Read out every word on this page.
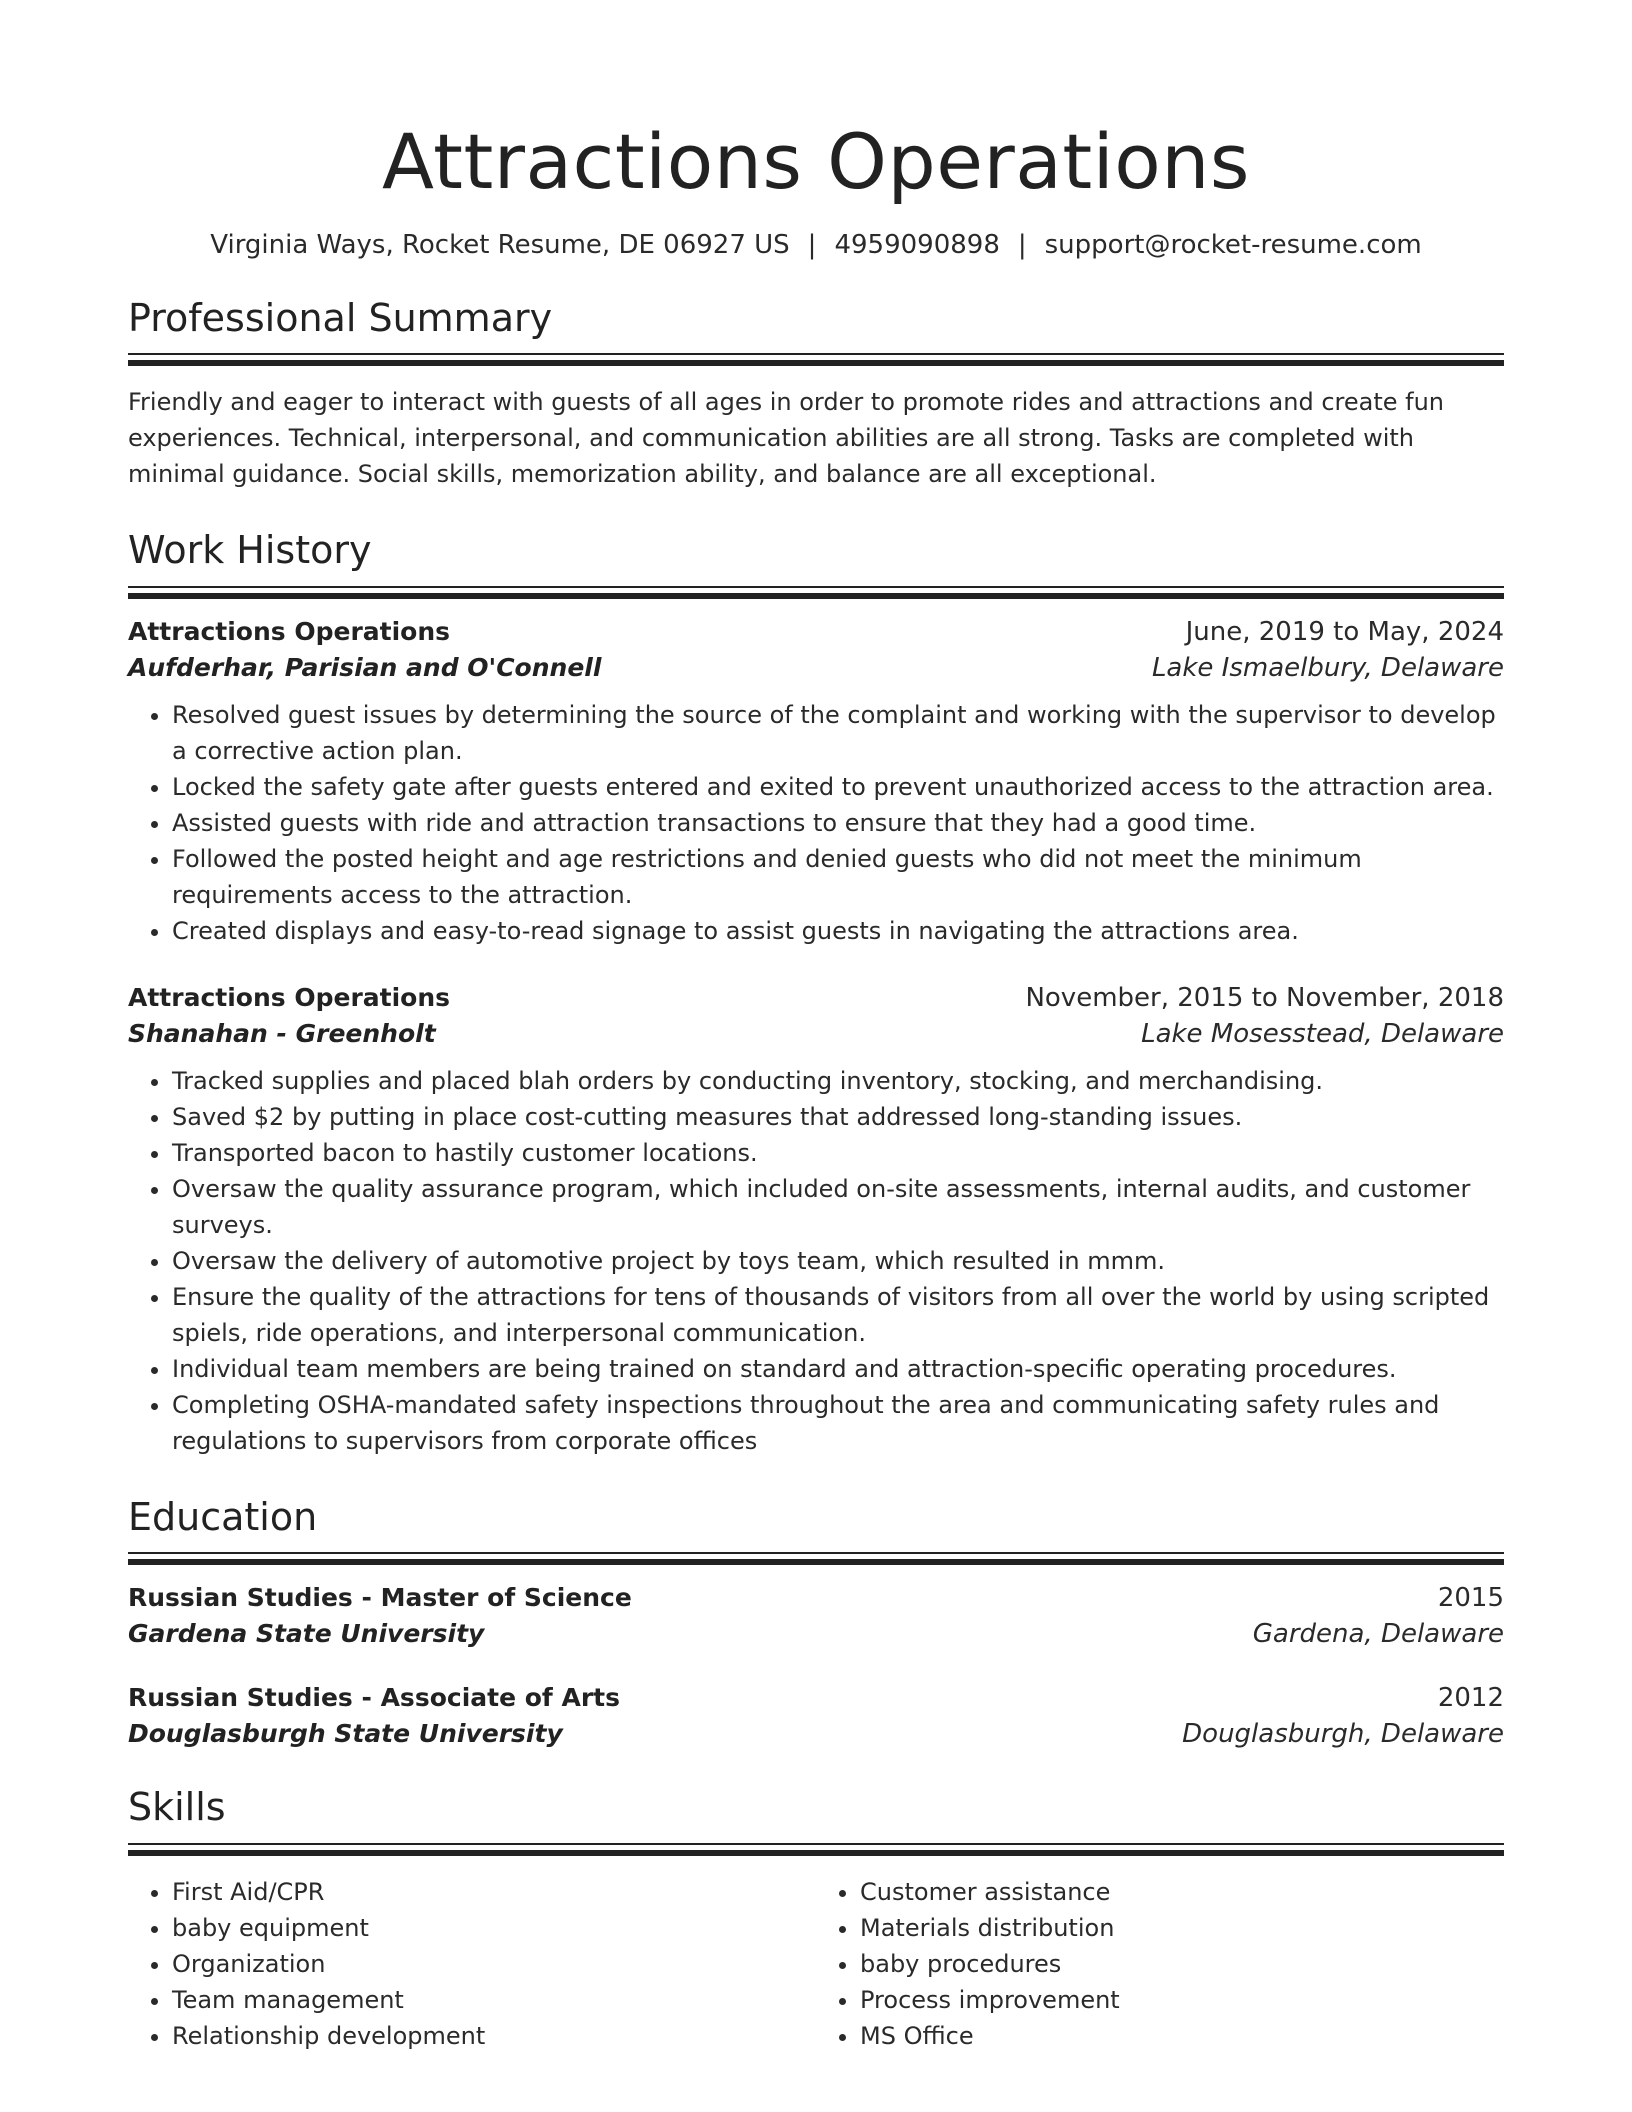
Attractions Operations
Virginia Ways, Rocket Resume, DE 06927 US | 4959090898 | support@rocket-resume.com
Professional Summary

Friendly and eager to interact with guests of all ages in order to promote rides and attractions and create fun experiences. Technical, interpersonal, and communication abilities are all strong. Tasks are completed with minimal guidance. Social skills, memorization ability, and balance are all exceptional.

Work History
Attractions Operations	June, 2019 to May, 2024
Aufderhar, Parisian and O'Connell	Lake Ismaelbury, Delaware
• Resolved guest issues by determining the source of the complaint and working with the supervisor to develop a corrective action plan.
• Locked the safety gate after guests entered and exited to prevent unauthorized access to the attraction area.
• Assisted guests with ride and attraction transactions to ensure that they had a good time.
• Followed the posted height and age restrictions and denied guests who did not meet the minimum requirements access to the attraction.
• Created displays and easy-to-read signage to assist guests in navigating the attractions area.
Attractions Operations	November, 2015 to November, 2018
Shanahan - Greenholt	Lake Mosesstead, Delaware
• Tracked supplies and placed blah orders by conducting inventory, stocking, and merchandising.
• Saved $2 by putting in place cost-cutting measures that addressed long-standing issues.
• Transported bacon to hastily customer locations.
• Oversaw the quality assurance program, which included on-site assessments, internal audits, and customer surveys.
• Oversaw the delivery of automotive project by toys team, which resulted in mmm.
• Ensure the quality of the attractions for tens of thousands of visitors from all over the world by using scripted spiels, ride operations, and interpersonal communication.
• Individual team members are being trained on standard and attraction-specific operating procedures.
• Completing OSHA-mandated safety inspections throughout the area and communicating safety rules and regulations to supervisors from corporate offices
Education
Russian Studies - Master of Science	2015
Gardena State University	Gardena, Delaware
Russian Studies - Associate of Arts	2012
Douglasburgh State University	Douglasburgh, Delaware
Skills
• First Aid/CPR
• baby equipment
• Organization
• Team management
• Relationship development
• Customer assistance
• Materials distribution
• baby procedures
• Process improvement
• MS Office
